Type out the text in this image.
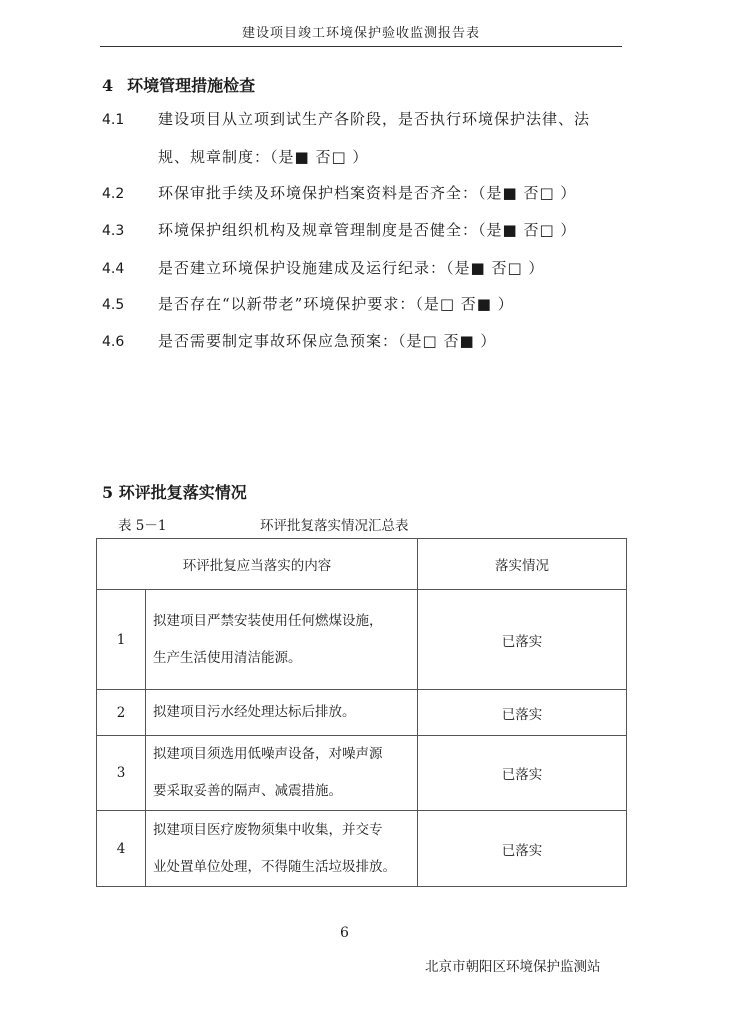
建设项目竣工环境保护验收监测报告表
4 环境管理措施检查
4.1 建设项目从立项到试生产各阶段，是否执行环境保护法律、法
规、规章制度：（是■ 否□ ）
4.2 环保审批手续及环境保护档案资料是否齐全：（是■ 否□ ）
4.3 环境保护组织机构及规章管理制度是否健全：（是■ 否□ ）
4.4 是否建立环境保护设施建成及运行纪录：（是■ 否□ ）
4.5 是否存在“以新带老”环境保护要求：（是□ 否■ ）
4.6 是否需要制定事故环保应急预案：（是□ 否■ ）
5 环评批复落实情况
表 5－1	环评批复落实情况汇总表
环评批复应当落实的内容		落实情况
1	拟建项目严禁安装使用任何燃煤设施，
生产生活使用清洁能源。	已落实
2	拟建项目污水经处理达标后排放。	已落实
3	拟建项目须选用低噪声设备，对噪声源
要采取妥善的隔声、减震措施。	已落实
4	拟建项目医疗废物须集中收集，并交专
业处置单位处理，不得随生活垃圾排放。	已落实
6
北京市朝阳区环境保护监测站
